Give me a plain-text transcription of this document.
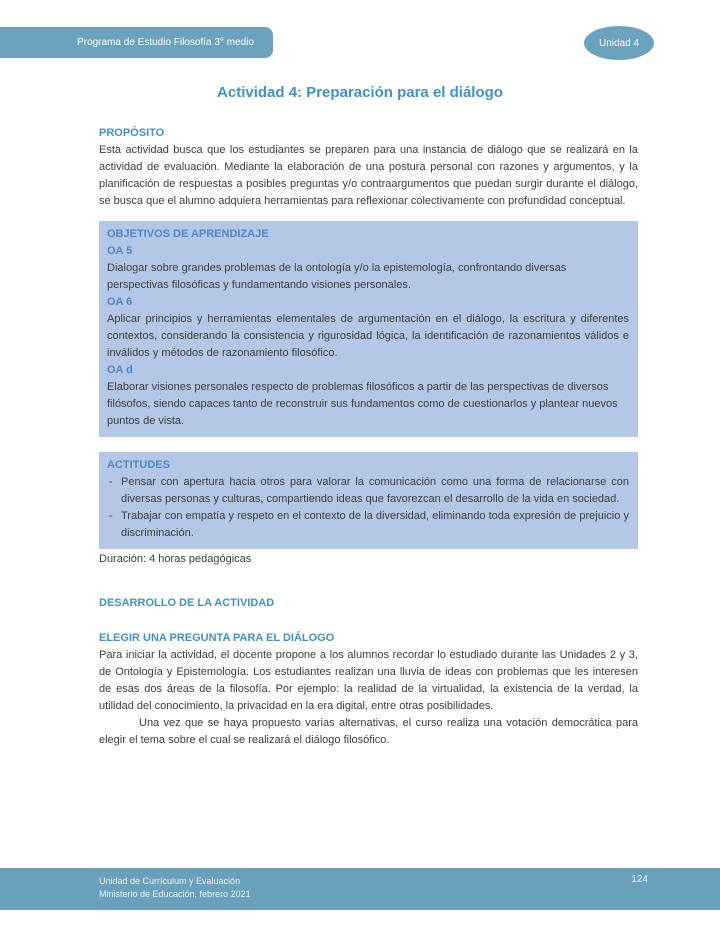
Programa de Estudio Filosofía 3° medio	Unidad 4
Actividad 4: Preparación para el diálogo
PROPÓSITO
Esta actividad busca que los estudiantes se preparen para una instancia de diálogo que se realizará en la actividad de evaluación. Mediante la elaboración de una postura personal con razones y argumentos, y la planificación de respuestas a posibles preguntas y/o contraargumentos que puedan surgir durante el diálogo, se busca que el alumno adquiera herramientas para reflexionar colectivamente con profundidad conceptual.
OBJETIVOS DE APRENDIZAJE
OA 5
Dialogar sobre grandes problemas de la ontología y/o la epistemología, confrontando diversas perspectivas filosóficas y fundamentando visiones personales.
OA 6
Aplicar principios y herramientas elementales de argumentación en el diálogo, la escritura y diferentes contextos, considerando la consistencia y rigurosidad lógica, la identificación de razonamientos válidos e inválidos y métodos de razonamiento filosófico.
OA d
Elaborar visiones personales respecto de problemas filosóficos a partir de las perspectivas de diversos filósofos, siendo capaces tanto de reconstruir sus fundamentos como de cuestionarlos y plantear nuevos puntos de vista.
ACTITUDES
- Pensar con apertura hacia otros para valorar la comunicación como una forma de relacionarse con diversas personas y culturas, compartiendo ideas que favorezcan el desarrollo de la vida en sociedad.
- Trabajar con empatía y respeto en el contexto de la diversidad, eliminando toda expresión de prejuicio y discriminación.
Duración: 4 horas pedagógicas
DESARROLLO DE LA ACTIVIDAD
ELEGIR UNA PREGUNTA PARA EL DIÁLOGO
Para iniciar la actividad, el docente propone a los alumnos recordar lo estudiado durante las Unidades 2 y 3, de Ontología y Epistemología. Los estudiantes realizan una lluvia de ideas con problemas que les interesen de esas dos áreas de la filosofía. Por ejemplo: la realidad de la virtualidad, la existencia de la verdad, la utilidad del conocimiento, la privacidad en la era digital, entre otras posibilidades.
Una vez que se haya propuesto varias alternativas, el curso realiza una votación democrática para elegir el tema sobre el cual se realizará el diálogo filosófico.
Unidad de Currículum y Evaluación
Ministerio de Educación, febrero 2021
124
